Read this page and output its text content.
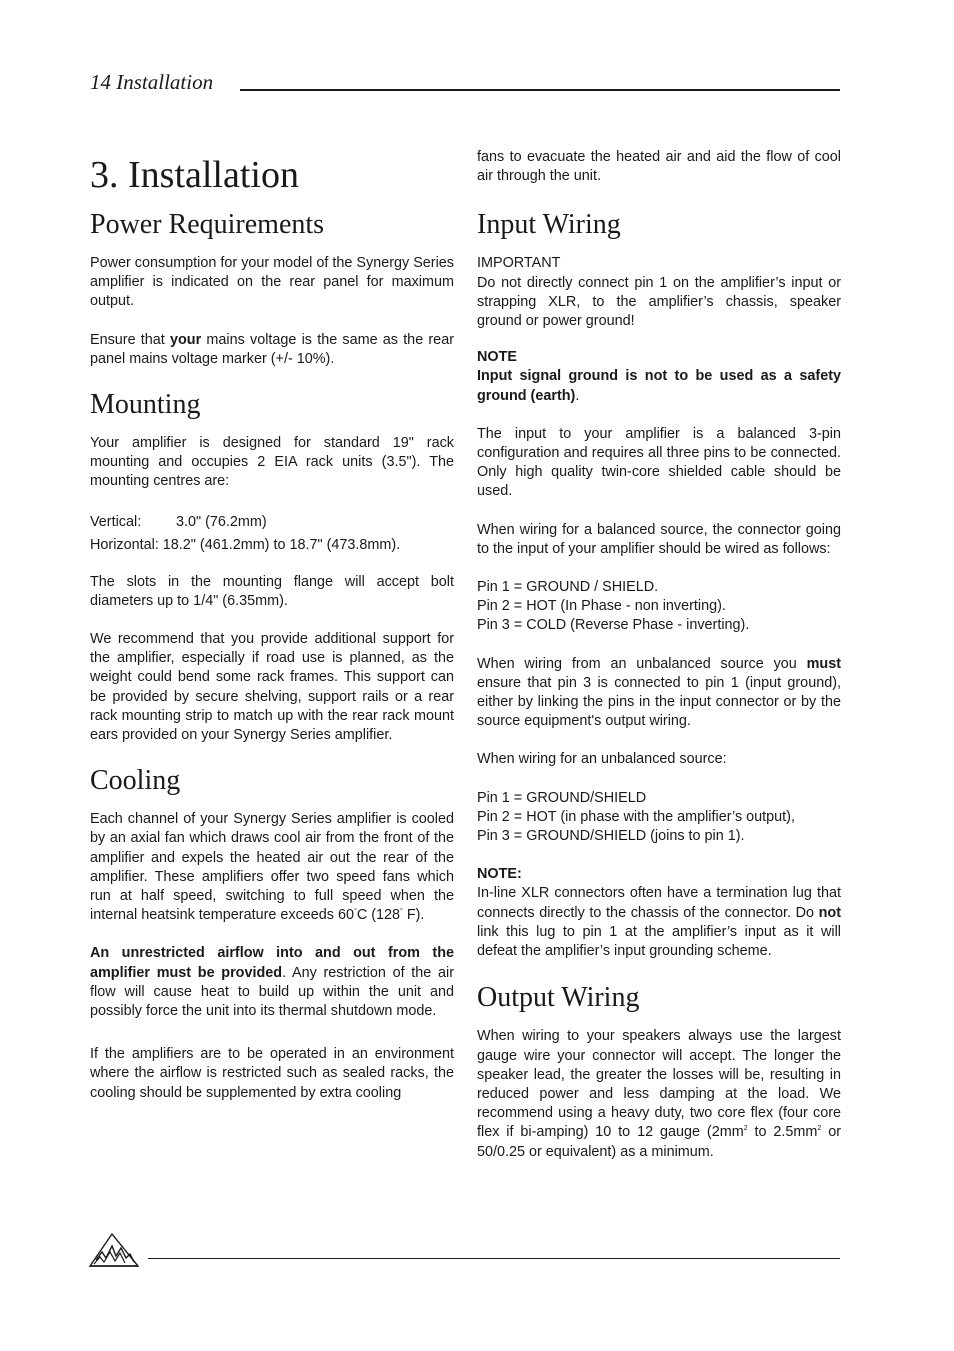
14 Installation
3. Installation
Power Requirements

Power consumption for your model of the Synergy Series amplifier is indicated on the rear panel for maximum output.

Ensure that your mains voltage is the same as the rear panel mains voltage marker (+/- 10%).

Mounting

Your amplifier is designed for standard 19" rack mounting and occupies 2 EIA rack units (3.5"). The mounting centres are:

Vertical: 3.0" (76.2mm)
Horizontal: 18.2" (461.2mm) to 18.7" (473.8mm).

The slots in the mounting flange will accept bolt diameters up to 1/4" (6.35mm).

We recommend that you provide additional support for the amplifier, especially if road use is planned, as the weight could bend some rack frames. This support can be provided by secure shelving, support rails or a rear rack mounting strip to match up with the rear rack mount ears provided on your Synergy Series amplifier.

Cooling

Each channel of your Synergy Series amplifier is cooled by an axial fan which draws cool air from the front of the amplifier and expels the heated air out the rear of the amplifier. These amplifiers offer two speed fans which run at half speed, switching to full speed when the internal heatsink temperature exceeds 60°C (128° F).

An unrestricted airflow into and out from the amplifier must be provided. Any restriction of the air flow will cause heat to build up within the unit and possibly force the unit into its thermal shutdown mode.

If the amplifiers are to be operated in an environment where the airflow is restricted such as sealed racks, the cooling should be supplemented by extra cooling

fans to evacuate the heated air and aid the flow of cool air through the unit.

Input Wiring
IMPORTANT

Do not directly connect pin 1 on the amplifier’s input or strapping XLR, to the amplifier’s chassis, speaker ground or power ground!

NOTE

Input signal ground is not to be used as a safety ground (earth).

The input to your amplifier is a balanced 3-pin configuration and requires all three pins to be connected. Only high quality twin-core shielded cable should be used.

When wiring for a balanced source, the connector going to the input of your amplifier should be wired as follows:

Pin 1 = GROUND / SHIELD.
Pin 2 = HOT (In Phase - non inverting).
Pin 3 = COLD (Reverse Phase - inverting).

When wiring from an unbalanced source you must ensure that pin 3 is connected to pin 1 (input ground), either by linking the pins in the input connector or by the source equipment's output wiring.

When wiring for an unbalanced source:

Pin 1 = GROUND/SHIELD
Pin 2 = HOT (in phase with the amplifier’s output),
Pin 3 = GROUND/SHIELD (joins to pin 1).
NOTE:

In-line XLR connectors often have a termination lug that connects directly to the chassis of the connector. Do not link this lug to pin 1 at the amplifier’s input as it will defeat the amplifier’s input grounding scheme.

Output Wiring

When wiring to your speakers always use the largest gauge wire your connector will accept. The longer the speaker lead, the greater the losses will be, resulting in reduced power and less damping at the load. We recommend using a heavy duty, two core flex (four core flex if bi-amping) 10 to 12 gauge ($2mm^2$ to $2.5mm^2$ or 50/0.25 or equivalent) as a minimum.
